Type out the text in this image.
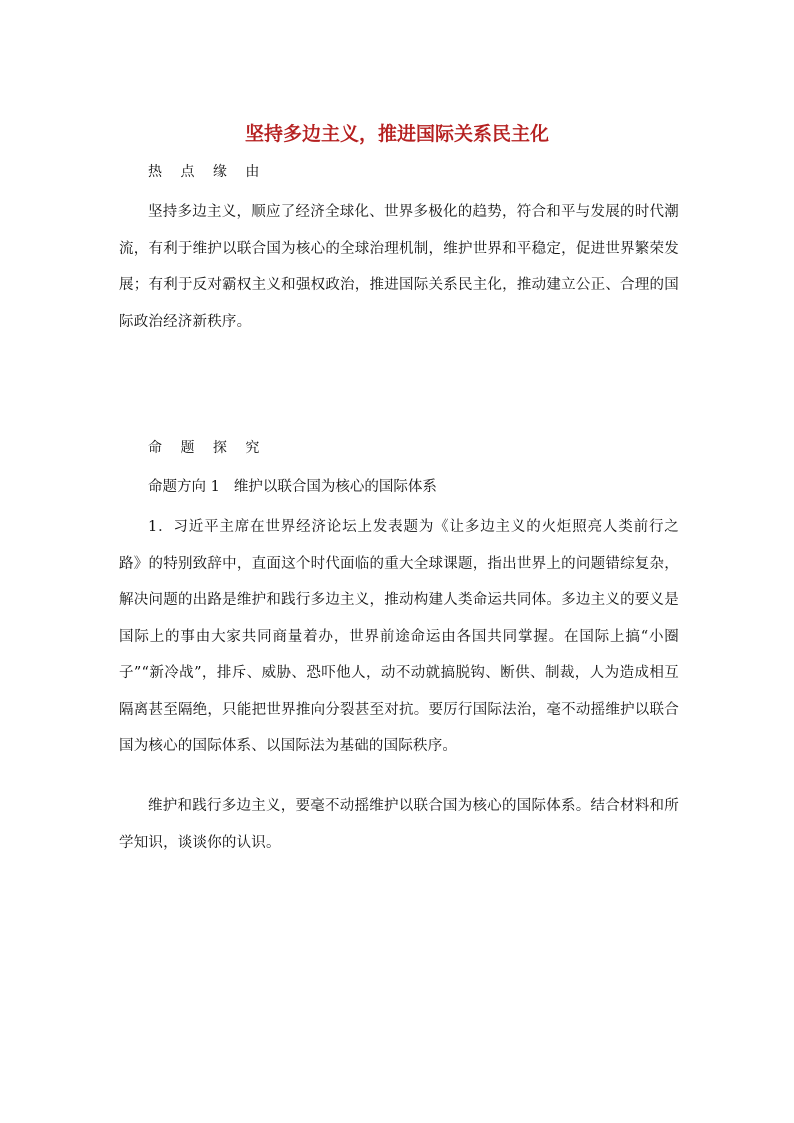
坚持多边主义，推进国际关系民主化
热 点 缘 由

坚持多边主义，顺应了经济全球化、世界多极化的趋势，符合和平与发展的时代潮流，有利于维护以联合国为核心的全球治理机制，维护世界和平稳定，促进世界繁荣发展；有利于反对霸权主义和强权政治，推进国际关系民主化，推动建立公正、合理的国际政治经济新秩序。

命 题 探 究
命题方向 1 维护以联合国为核心的国际体系

1．习近平主席在世界经济论坛上发表题为《让多边主义的火炬照亮人类前行之路》的特别致辞中，直面这个时代面临的重大全球课题，指出世界上的问题错综复杂，解决问题的出路是维护和践行多边主义，推动构建人类命运共同体。多边主义的要义是国际上的事由大家共同商量着办，世界前途命运由各国共同掌握。在国际上搞“小圈子”“新冷战”，排斥、威胁、恐吓他人，动不动就搞脱钩、断供、制裁，人为造成相互隔离甚至隔绝，只能把世界推向分裂甚至对抗。要厉行国际法治，毫不动摇维护以联合国为核心的国际体系、以国际法为基础的国际秩序。

维护和践行多边主义，要毫不动摇维护以联合国为核心的国际体系。结合材料和所学知识，谈谈你的认识。
